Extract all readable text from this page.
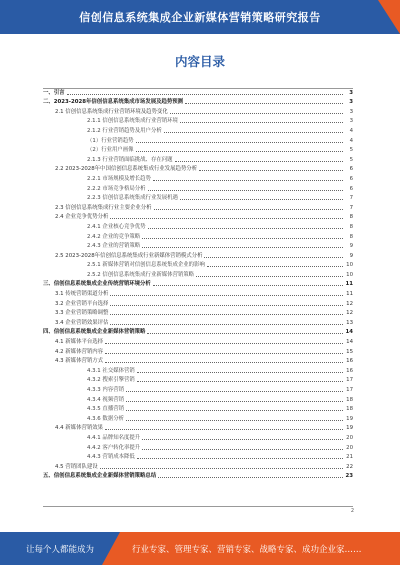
信创信息系统集成企业新媒体营销策略研究报告
内容目录
一、引言	3
二、2023-2028年信创信息系统集成市场发展及趋势预测	3
2.1 信创信息系统集成行业营销环境及趋势变化	3
2.1.1 信创信息系统集成行业营销环境	3
2.1.2 行业营销趋势及用户分析	4
（1）行业营销趋势	4
（2）行业用户画像	5
2.1.3 行业营销面临挑战、存在问题	5
2.2 2023-2028年中国信创信息系统集成行业发展趋势分析	6
2.2.1 市场规模及增长趋势	6
2.2.2 市场竞争格局分析	6
2.2.3 信创信息系统集成行业发展机遇	7
2.3 信创信息系统集成行业主要企业分析	7
2.4 企业竞争优势分析	8
2.4.1 企业核心竞争优势	8
2.4.2 企业的竞争策略	8
2.4.3 企业的营销策略	9
2.5 2023-2028年信创信息系统集成行业新媒体营销模式分析	9
2.5.1 新媒体营销对信创信息系统集成企业的影响	10
2.5.2 信创信息系统集成行业新媒体营销策略	10
三、信创信息系统集成企业传统营销环境分析	11
3.1 传统营销渠道分析	11
3.2 企业营销平台选择	12
3.3 企业营销策略调整	12
3.4 企业营销效果评估	13
四、信创信息系统集成企业新媒体营销策略	14
4.1 新媒体平台选择	14
4.2 新媒体营销内容	15
4.3 新媒体营销方式	16
4.3.1 社交媒体营销	16
4.3.2 搜索引擎营销	17
4.3.3 内容营销	17
4.3.4 视频营销	18
4.3.5 直播营销	18
4.3.6 数据分析	19
4.4 新媒体营销效果	19
4.4.1 品牌知名度提升	20
4.4.2 客户转化率提升	20
4.4.3 营销成本降低	21
4.5 营销团队建设	22
五、信创信息系统集成企业新媒体营销策略总结	23
2
让每个人都能成为	行业专家、管理专家、营销专家、战略专家、成功企业家……
